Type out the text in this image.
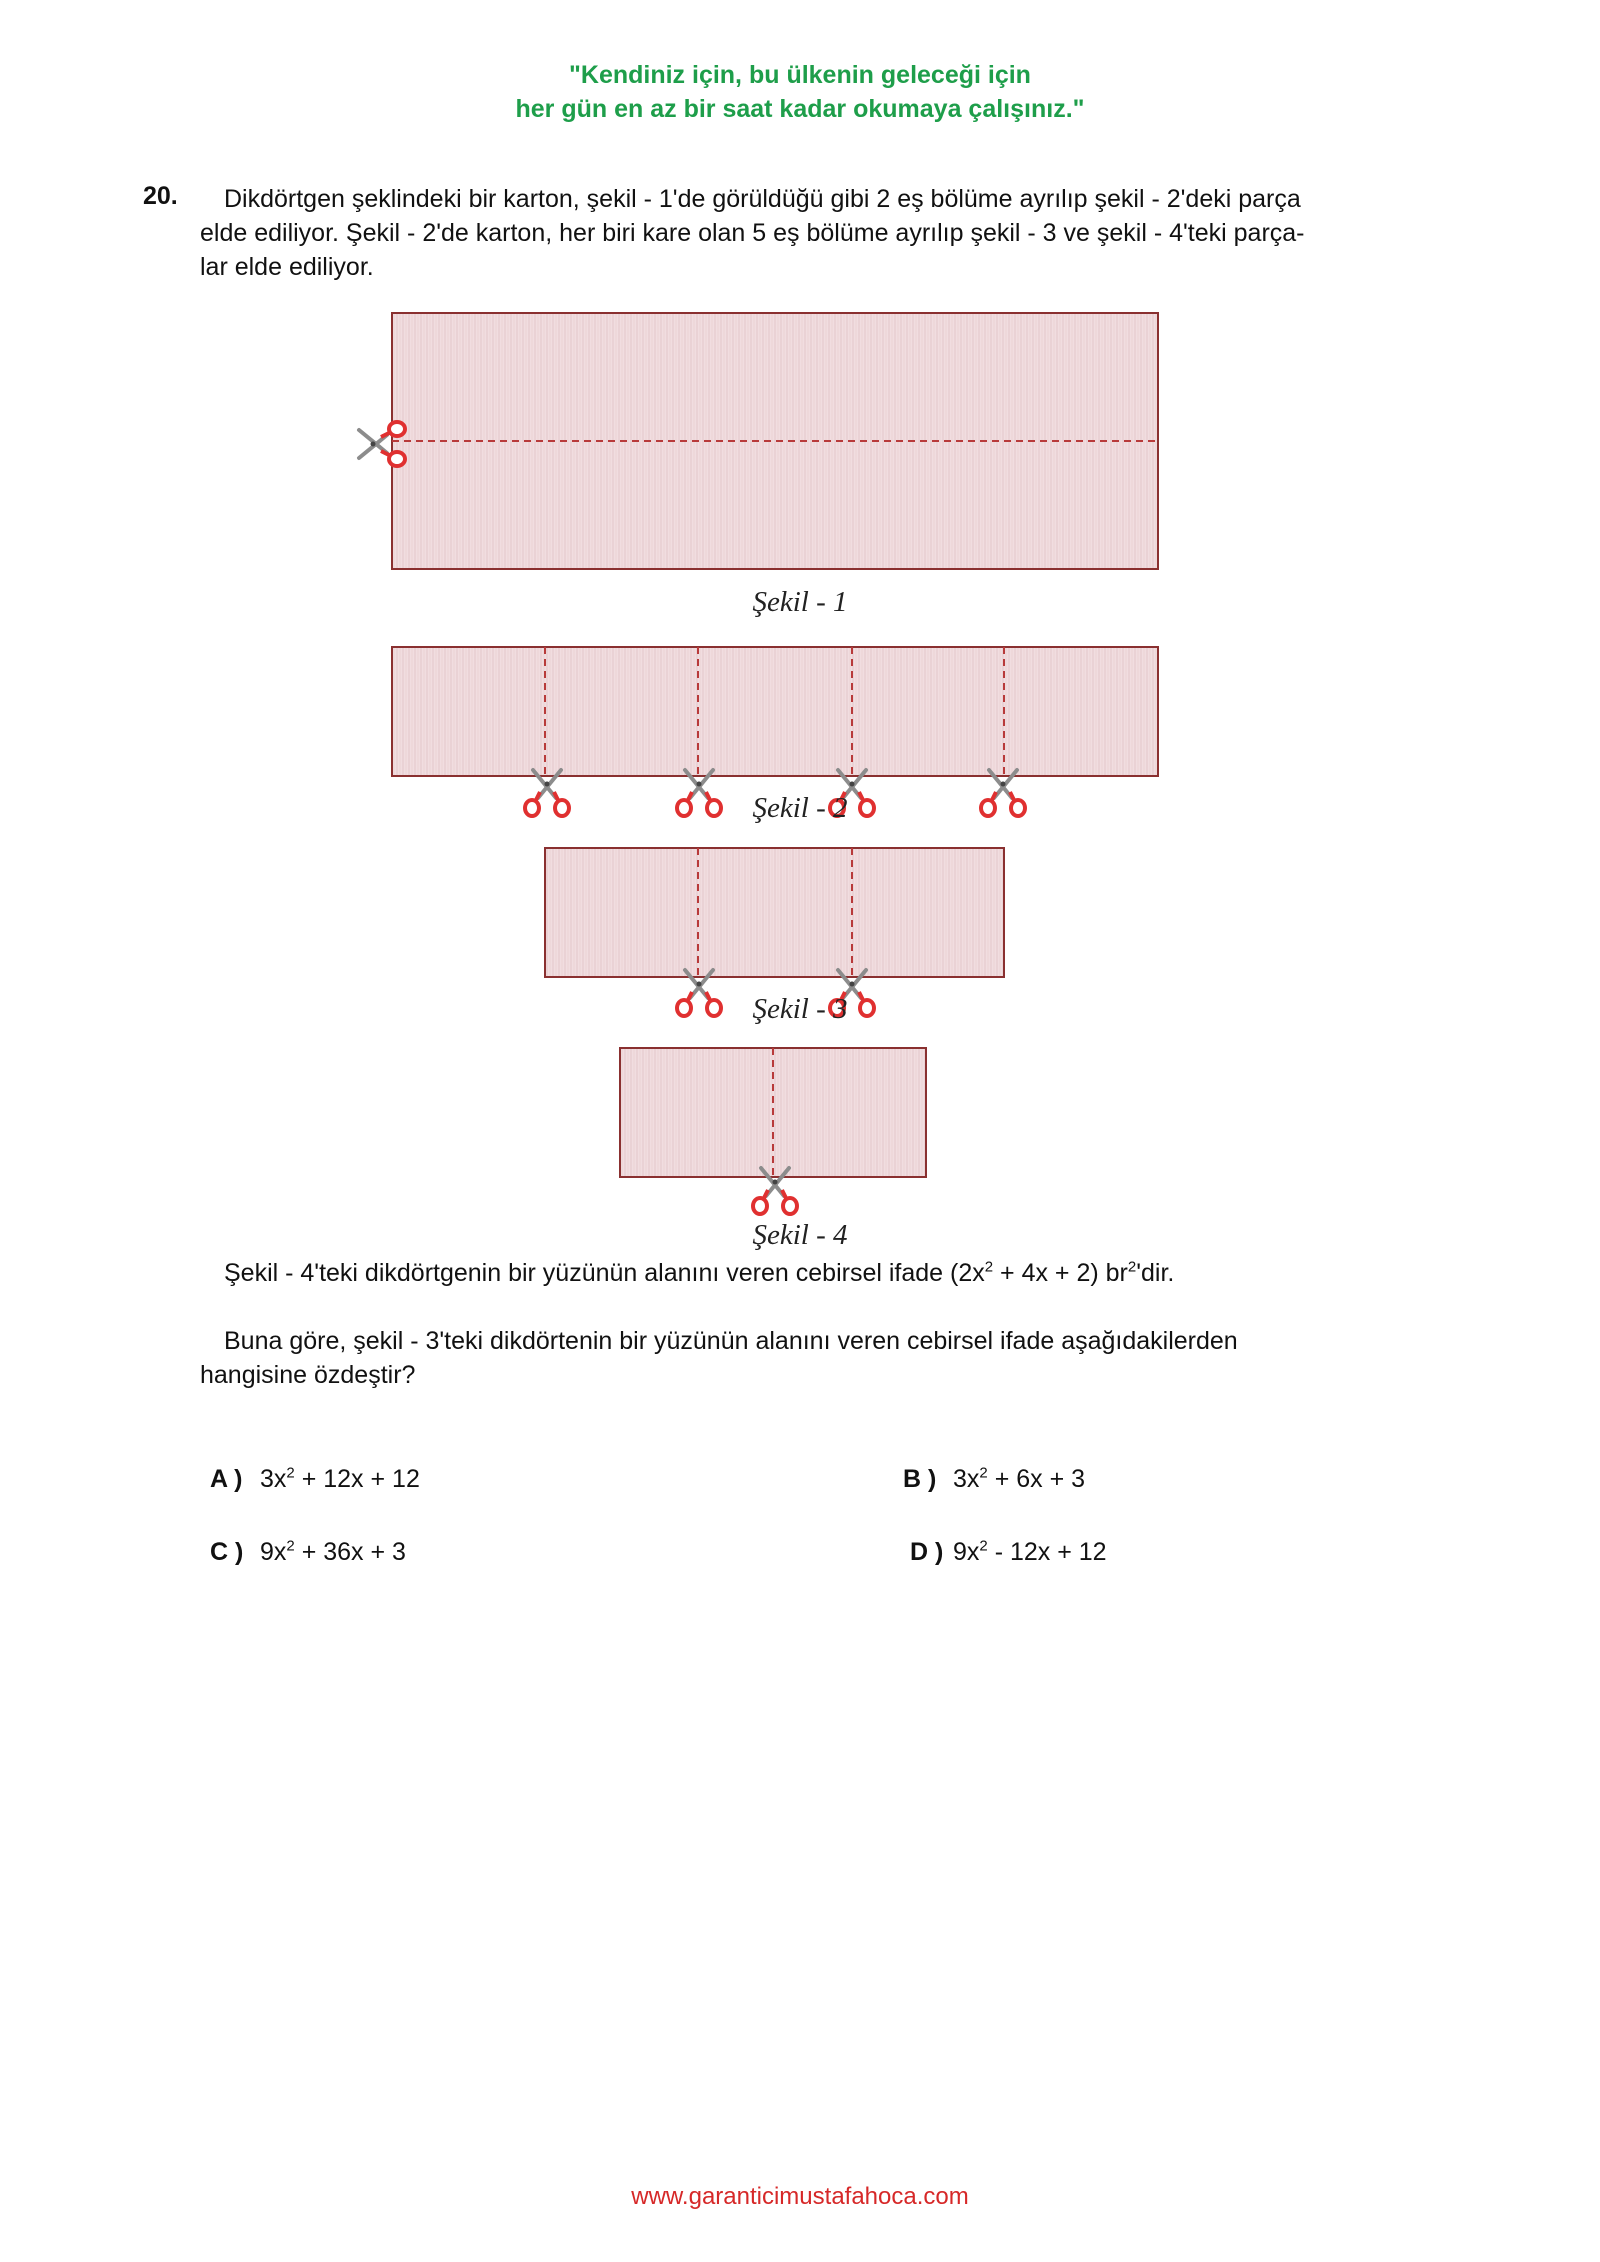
"Kendiniz için, bu ülkenin geleceği için
her gün en az bir saat kadar okumaya çalışınız."
20.	Dikdörtgen şeklindeki bir karton, şekil - 1'de görüldüğü gibi 2 eş bölüme ayrılıp şekil - 2'deki parça

elde ediliyor. Şekil - 2'de karton, her biri kare olan 5 eş bölüme ayrılıp şekil - 3 ve şekil - 4'teki parça-

lar elde ediliyor.

Şekil - 1
Şekil - 2
Şekil - 3
Şekil - 4

Şekil - 4'teki dikdörtgenin bir yüzünün alanını veren cebirsel ifade $(2x^2 + 4x + 2)$ $br^2'dir$.

Buna göre, şekil - 3'teki dikdörtenin bir yüzünün alanını veren cebirsel ifade aşağıdakilerden

hangisine özdeştir?

A ) $3x^2 + 12x + 12$	B ) $3x^2 + 6x + 3$
C ) $9x^2 + 36x + 3$	D ) $9x^2 - 12x + 12$
www.garanticimustafahoca.com
